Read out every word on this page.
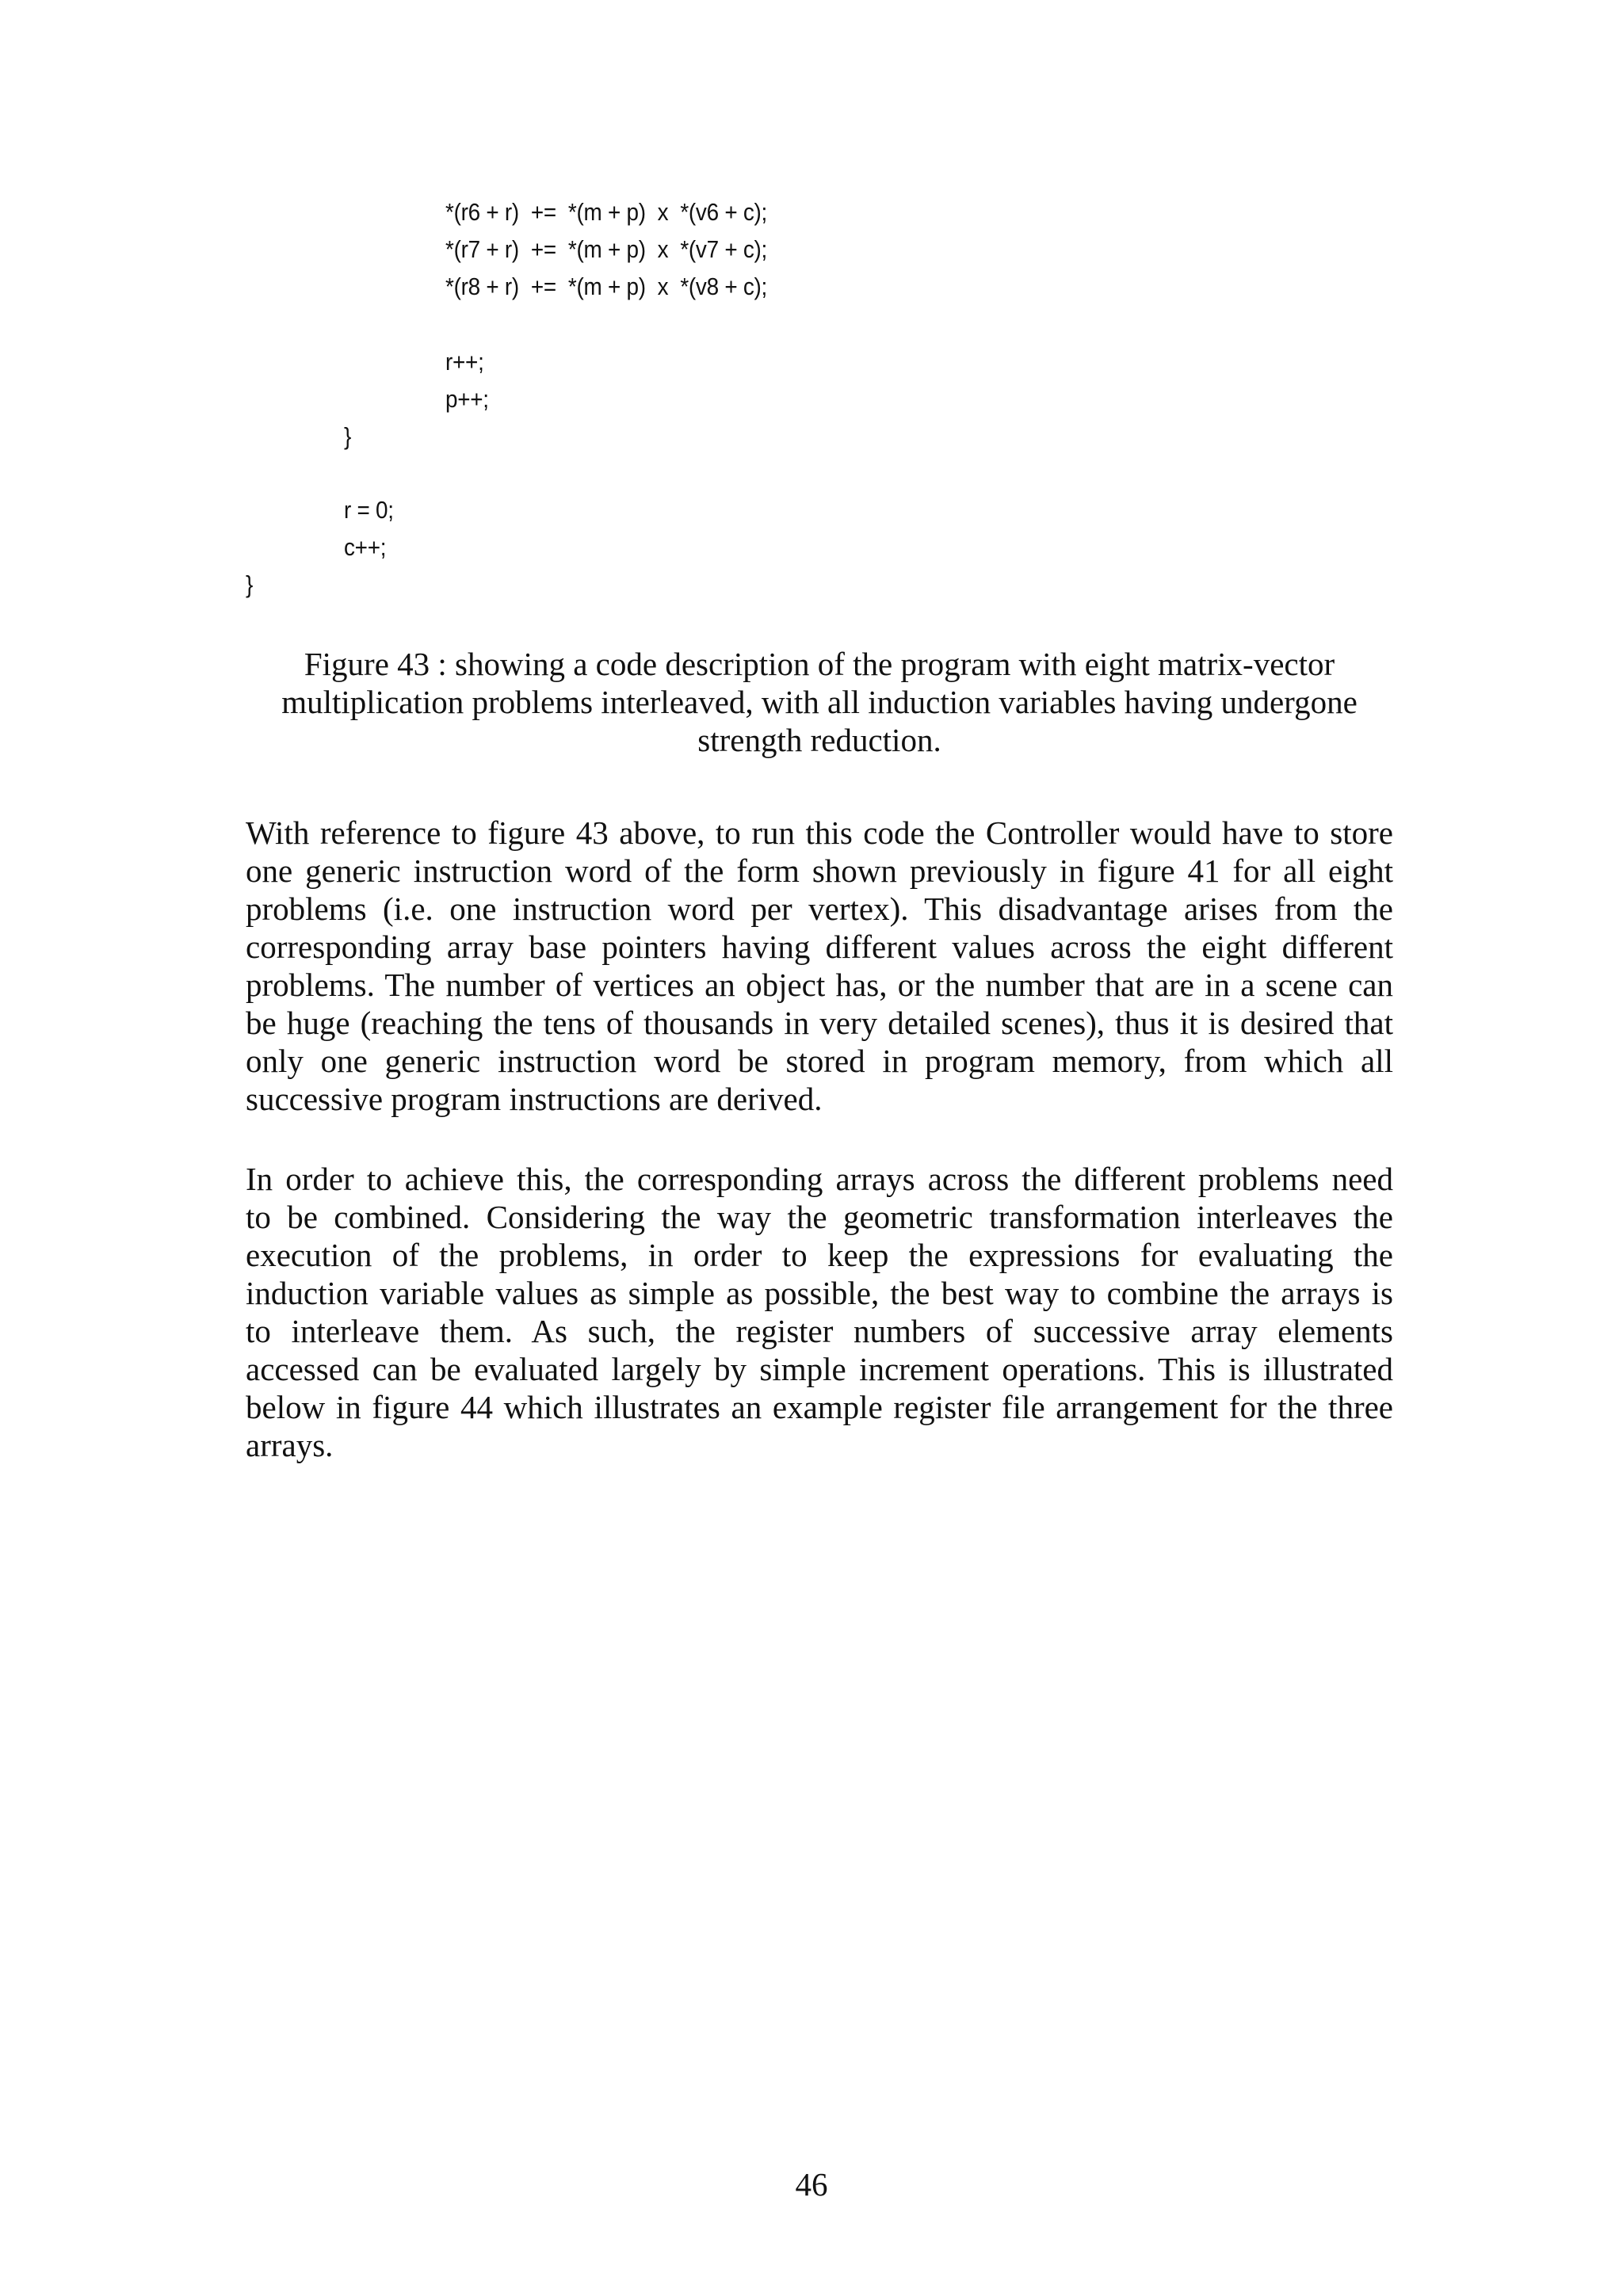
*(r6 + r)  +=  *(m + p)  x  *(v6 + c);
*(r7 + r)  +=  *(m + p)  x  *(v7 + c);
*(r8 + r)  +=  *(m + p)  x  *(v8 + c);
r++;
p++;
}
r = 0;
c++;
}
Figure 43 : showing a code description of the program with eight matrix-vector
multiplication problems interleaved, with all induction variables having undergone
strength reduction.
With reference to figure 43 above, to run this code the Controller would have to store
one generic instruction word of the form shown previously in figure 41 for all eight
problems (i.e. one instruction word per vertex). This disadvantage arises from the
corresponding array base pointers having different values across the eight different
problems. The number of vertices an object has, or the number that are in a scene can
be huge (reaching the tens of thousands in very detailed scenes), thus it is desired that
only one generic instruction word be stored in program memory, from which all
successive program instructions are derived.
In order to achieve this, the corresponding arrays across the different problems need
to be combined. Considering the way the geometric transformation interleaves the
execution of the problems, in order to keep the expressions for evaluating the
induction variable values as simple as possible, the best way to combine the arrays is
to interleave them. As such, the register numbers of successive array elements
accessed can be evaluated largely by simple increment operations. This is illustrated
below in figure 44 which illustrates an example register file arrangement for the three
arrays.
46
